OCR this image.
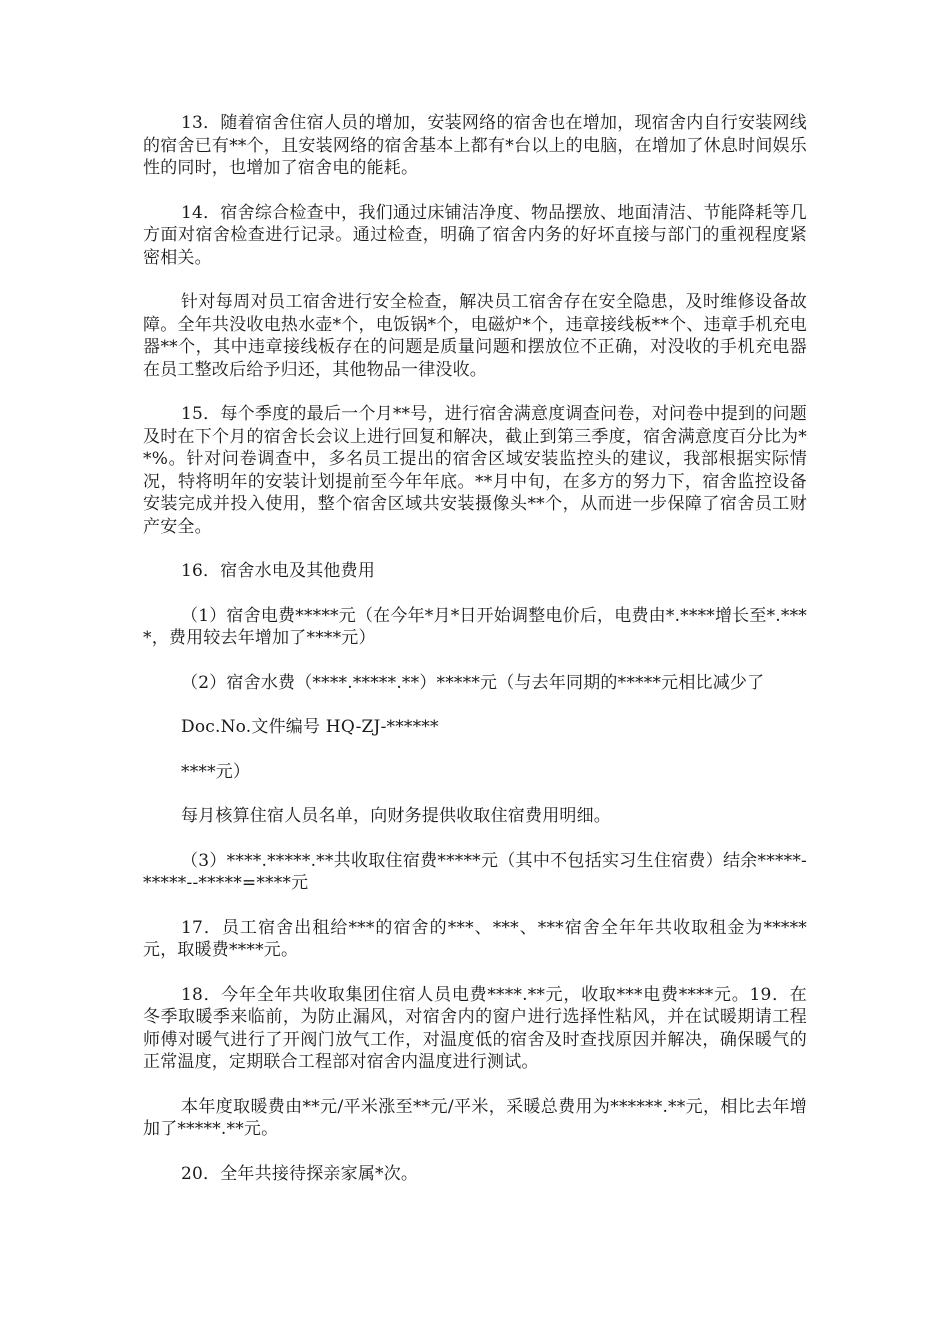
13．随着宿舍住宿人员的增加，安装网络的宿舍也在增加，现宿舍内自行安装网线的宿舍已有**个，且安装网络的宿舍基本上都有*台以上的电脑，在增加了休息时间娱乐性的同时，也增加了宿舍电的能耗。

14．宿舍综合检查中，我们通过床铺洁净度、物品摆放、地面清洁、节能降耗等几方面对宿舍检查进行记录。通过检查，明确了宿舍内务的好坏直接与部门的重视程度紧密相关。

针对每周对员工宿舍进行安全检查，解决员工宿舍存在安全隐患，及时维修设备故障。全年共没收电热水壶*个，电饭锅*个，电磁炉*个，违章接线板**个、违章手机充电器**个，其中违章接线板存在的问题是质量问题和摆放位不正确，对没收的手机充电器在员工整改后给予归还，其他物品一律没收。

15．每个季度的最后一个月**号，进行宿舍满意度调查问卷，对问卷中提到的问题及时在下个月的宿舍长会议上进行回复和解决，截止到第三季度，宿舍满意度百分比为**%。针对问卷调查中，多名员工提出的宿舍区域安装监控头的建议，我部根据实际情况，特将明年的安装计划提前至今年年底。**月中旬，在多方的努力下，宿舍监控设备安装完成并投入使用，整个宿舍区域共安装摄像头**个，从而进一步保障了宿舍员工财产安全。

16．宿舍水电及其他费用

（1）宿舍电费*****元（在今年*月*日开始调整电价后，电费由*.****增长至*.****，费用较去年增加了****元）

（2）宿舍水费（****.*****.**）*****元（与去年同期的*****元相比减少了

Doc.No.文件编号 HQ-ZJ-******

****元）

每月核算住宿人员名单，向财务提供收取住宿费用明细。

（3）****.*****.**共收取住宿费*****元（其中不包括实习生住宿费）结余*****-*****--*****=****元

17．员工宿舍出租给***的宿舍的***、***、***宿舍全年年共收取租金为*****元，取暖费****元。

18．今年全年共收取集团住宿人员电费****.**元，收取***电费****元。19．在冬季取暖季来临前，为防止漏风，对宿舍内的窗户进行选择性粘风，并在试暖期请工程师傅对暖气进行了开阀门放气工作，对温度低的宿舍及时查找原因并解决，确保暖气的正常温度，定期联合工程部对宿舍内温度进行测试。

本年度取暖费由**元/平米涨至**元/平米，采暖总费用为******.**元，相比去年增加了*****.**元。

20．全年共接待探亲家属*次。
